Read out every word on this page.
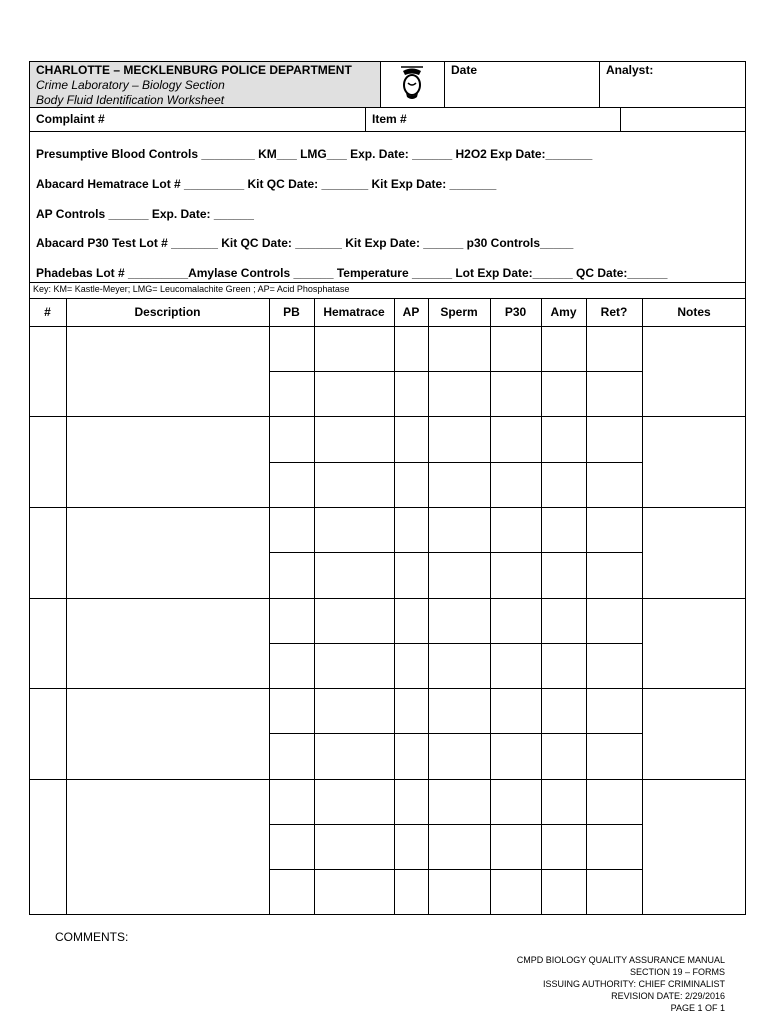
CHARLOTTE – MECKLENBURG POLICE DEPARTMENT
Crime Laboratory – Biology Section
Body Fluid Identification Worksheet
Date	Analyst:
Complaint #	Item #
Presumptive Blood Controls ________ KM___ LMG___ Exp. Date: ______ H2O2 Exp Date:_______
Abacard Hematrace Lot # _________ Kit QC Date: _______ Kit Exp Date: _______
AP Controls ______ Exp. Date: ______
Abacard P30 Test Lot # _______ Kit QC Date: _______ Kit Exp Date: ______ p30 Controls_____
Phadebas Lot # _________Amylase Controls ______ Temperature ______ Lot Exp Date:______ QC Date:______
Key: KM= Kastle-Meyer; LMG= Leucomalachite Green ; AP= Acid Phosphatase
#	Description	PB	Hematrace	AP	Sperm	P30	Amy	Ret?	Notes
COMMENTS:
CMPD BIOLOGY QUALITY ASSURANCE MANUAL
SECTION 19 – FORMS
ISSUING AUTHORITY: CHIEF CRIMINALIST
REVISION DATE: 2/29/2016
PAGE 1 OF 1
